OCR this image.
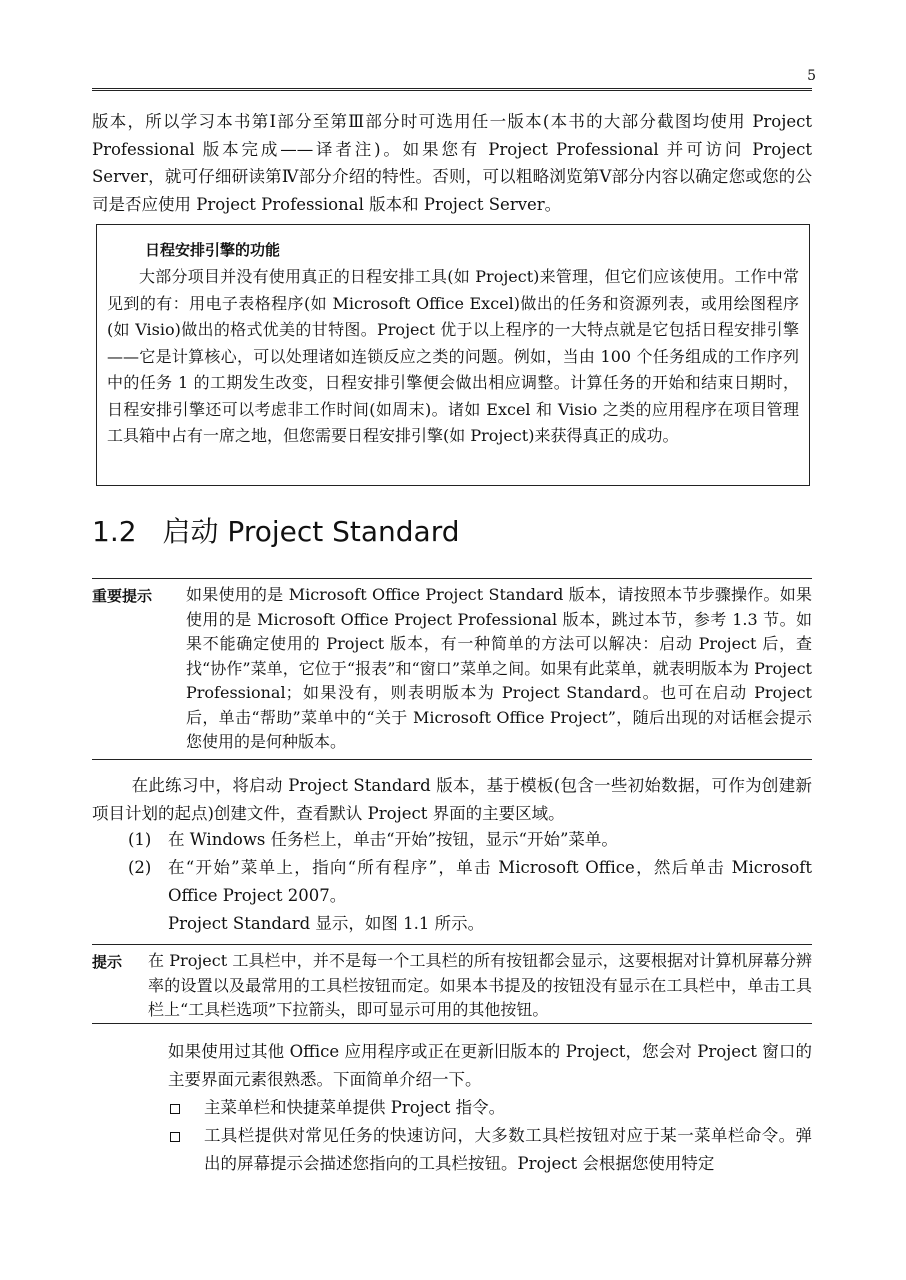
5

版本，所以学习本书第Ⅰ部分至第Ⅲ部分时可选用任一版本(本书的大部分截图均使用 Project Professional 版本完成——译者注)。如果您有 Project Professional 并可访问 Project Server，就可仔细研读第Ⅳ部分介绍的特性。否则，可以粗略浏览第Ⅴ部分内容以确定您或您的公司是否应使用 Project Professional 版本和 Project Server。

日程安排引擎的功能

大部分项目并没有使用真正的日程安排工具(如 Project)来管理，但它们应该使用。工作中常见到的有：用电子表格程序(如 Microsoft Office Excel)做出的任务和资源列表，或用绘图程序(如 Visio)做出的格式优美的甘特图。Project 优于以上程序的一大特点就是它包括日程安排引擎——它是计算核心，可以处理诸如连锁反应之类的问题。例如，当由 100 个任务组成的工作序列中的任务 1 的工期发生改变，日程安排引擎便会做出相应调整。计算任务的开始和结束日期时，日程安排引擎还可以考虑非工作时间(如周末)。诸如 Excel 和 Visio 之类的应用程序在项目管理工具箱中占有一席之地，但您需要日程安排引擎(如 Project)来获得真正的成功。

1.2 启动 Project Standard
重要提示	如果使用的是 Microsoft Office Project Standard 版本，请按照本节步骤操作。如果使用的是 Microsoft Office Project Professional 版本，跳过本节，参考 1.3 节。如果不能确定使用的 Project 版本，有一种简单的方法可以解决：启动 Project 后，查找“协作”菜单，它位于“报表”和“窗口”菜单之间。如果有此菜单，就表明版本为 Project Professional；如果没有，则表明版本为 Project Standard。也可在启动 Project 后，单击“帮助”菜单中的“关于 Microsoft Office Project”，随后出现的对话框会提示您使用的是何种版本。

在此练习中，将启动 Project Standard 版本，基于模板(包含一些初始数据，可作为创建新项目计划的起点)创建文件，查看默认 Project 界面的主要区域。

(1)	在 Windows 任务栏上，单击“开始”按钮，显示“开始”菜单。
(2)	在“开始”菜单上，指向“所有程序”，单击 Microsoft Office，然后单击 Microsoft Office Project 2007。
Project Standard 显示，如图 1.1 所示。
提示	在 Project 工具栏中，并不是每一个工具栏的所有按钮都会显示，这要根据对计算机屏幕分辨率的设置以及最常用的工具栏按钮而定。如果本书提及的按钮没有显示在工具栏中，单击工具栏上“工具栏选项”下拉箭头，即可显示可用的其他按钮。

如果使用过其他 Office 应用程序或正在更新旧版本的 Project，您会对 Project 窗口的主要界面元素很熟悉。下面简单介绍一下。

主菜单栏和快捷菜单提供 Project 指令。
工具栏提供对常见任务的快速访问，大多数工具栏按钮对应于某一菜单栏命令。弹出的屏幕提示会描述您指向的工具栏按钮。Project 会根据您使用特定
